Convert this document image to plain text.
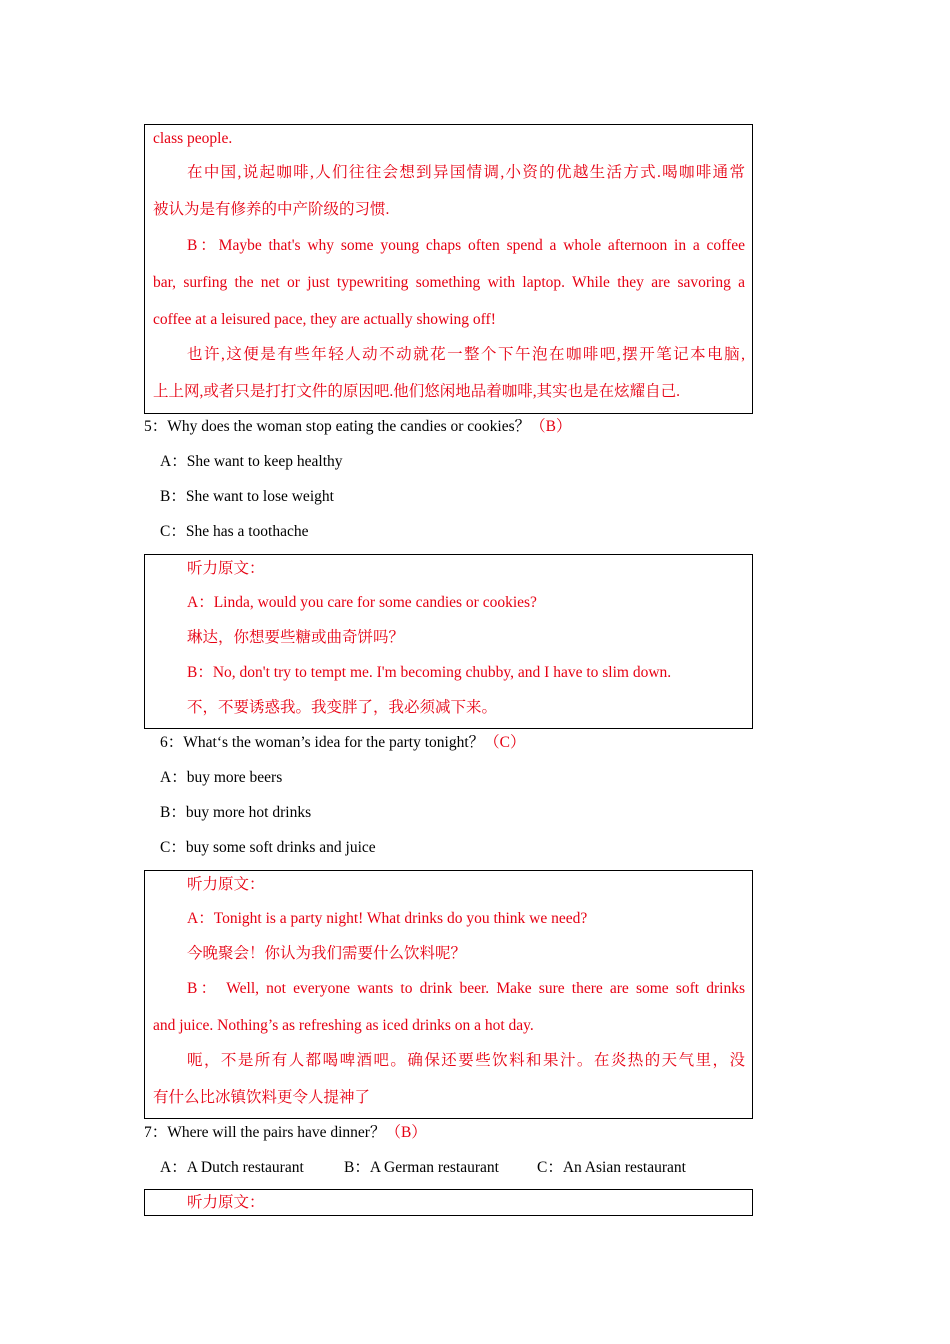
class people.
在中国,说起咖啡,人们往往会想到异国情调,小资的优越生活方式.喝咖啡通常
被认为是有修养的中产阶级的习惯.
B：Maybe that's why some young chaps often spend a whole afternoon in a coffee
bar, surfing the net or just typewriting something with laptop. While they are savoring a
coffee at a leisured pace, they are actually showing off!
也许,这便是有些年轻人动不动就花一整个下午泡在咖啡吧,摆开笔记本电脑,
上上网,或者只是打打文件的原因吧.他们悠闲地品着咖啡,其实也是在炫耀自己.
5：Why does the woman stop eating the candies or cookies？（B）
A：She want to keep healthy
B：She want to lose weight
C：She has a toothache
听力原文：
A：Linda, would you care for some candies or cookies?
琳达，你想要些糖或曲奇饼吗？
B：No, don't try to tempt me. I'm becoming chubby, and I have to slim down.
不，不要诱惑我。我变胖了，我必须减下来。
6：What‘s the woman’s idea for the party tonight？（C）
A：buy more beers
B：buy more hot drinks
C：buy some soft drinks and juice
听力原文：
A：Tonight is a party night! What drinks do you think we need?
今晚聚会！你认为我们需要什么饮料呢？
B： Well, not everyone wants to drink beer. Make sure there are some soft drinks
and juice. Nothing’s as refreshing as iced drinks on a hot day.
呃，不是所有人都喝啤酒吧。确保还要些饮料和果汁。在炎热的天气里，没
有什么比冰镇饮料更令人提神了
7：Where will the pairs have dinner？（B）
A：A Dutch restaurant	B：A German restaurant C：An Asian restaurant
听力原文：
